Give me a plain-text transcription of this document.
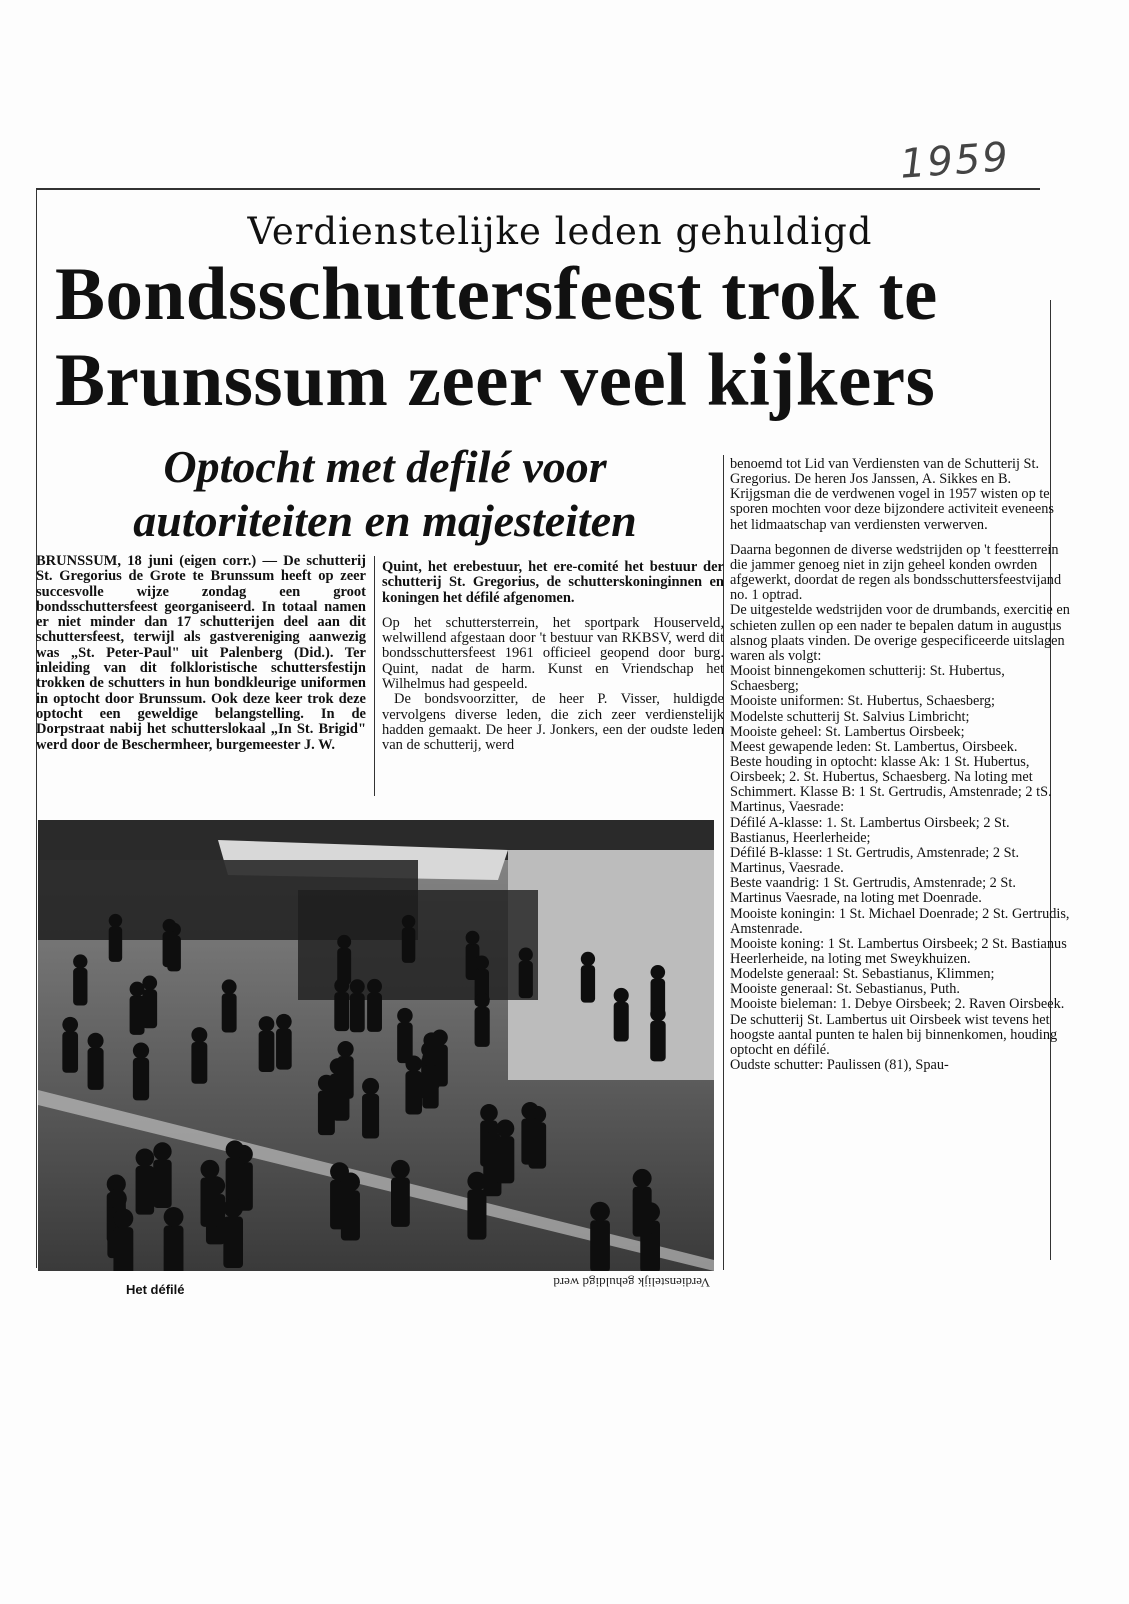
1959
Verdienstelijke leden gehuldigd
Bondsschuttersfeest trok te
Brunssum zeer veel kijkers
Optocht met defilé voor
autoriteiten en majesteiten

BRUNSSUM, 18 juni (eigen corr.) — De schutterij St. Gregorius de Grote te Brunssum heeft op zeer succesvolle wijze zondag een groot bondsschuttersfeest georganiseerd. In totaal namen er niet minder dan 17 schutterijen deel aan dit schuttersfeest, terwijl als gastvereniging aanwezig was „St. Peter-Paul" uit Palenberg (Did.). Ter inleiding van dit folkloristische schuttersfestijn trokken de schutters in hun bondkleurige uniformen in optocht door Brunssum. Ook deze keer trok deze optocht een geweldige belangstelling. In de Dorpstraat nabij het schutterslokaal „In St. Brigid" werd door de Beschermheer, burgemeester J. W.

Quint, het erebestuur, het ere-comité het bestuur der schutterij St. Gregorius, de schutterskoninginnen en koningen het défilé afgenomen.

Op het schuttersterrein, het sportpark Houserveld, welwillend afgestaan door 't bestuur van RKBSV, werd dit bondsschuttersfeest 1961 officieel geopend door burg. Quint, nadat de harm. Kunst en Vriendschap het Wilhelmus had gespeeld.

De bondsvoorzitter, de heer P. Visser, huldigde vervolgens diverse leden, die zich zeer verdienstelijk hadden gemaakt. De heer J. Jonkers, een der oudste leden van de schutterij, werd

benoemd tot Lid van Verdiensten van de Schutterij St. Gregorius. De heren Jos Janssen, A. Sikkes en B. Krijgsman die de verdwenen vogel in 1957 wisten op te sporen mochten voor deze bijzondere activiteit eveneens het lidmaatschap van verdiensten verwerven.

Daarna begonnen de diverse wedstrijden op 't feestterrein die jammer genoeg niet in zijn geheel konden owrden afgewerkt, doordat de regen als bondsschuttersfeestvijand no. 1 optrad.

De uitgestelde wedstrijden voor de drumbands, exercitie en schieten zullen op een nader te bepalen datum in augustus alsnog plaats vinden. De overige gespecificeerde uitslagen waren als volgt:

Mooist binnengekomen schutterij: St. Hubertus, Schaesberg;

Mooiste uniformen: St. Hubertus, Schaesberg;

Modelste schutterij St. Salvius Limbricht;

Mooiste geheel: St. Lambertus Oirsbeek;

Meest gewapende leden: St. Lambertus, Oirsbeek.

Beste houding in optocht: klasse Ak: 1 St. Hubertus, Oirsbeek; 2. St. Hubertus, Schaesberg. Na loting met Schimmert. Klasse B: 1 St. Gertrudis, Amstenrade; 2 tS. Martinus, Vaesrade:

Défilé A-klasse: 1. St. Lambertus Oirsbeek; 2 St. Bastianus, Heerlerheide;

Défilé B-klasse: 1 St. Gertrudis, Amstenrade; 2 St. Martinus, Vaesrade.

Beste vaandrig: 1 St. Gertrudis, Amstenrade; 2 St. Martinus Vaesrade, na loting met Doenrade.

Mooiste koningin: 1 St. Michael Doenrade; 2 St. Gertrudis, Amstenrade.

Mooiste koning: 1 St. Lambertus Oirsbeek; 2 St. Bastianus Heerlerheide, na loting met Sweykhuizen.

Modelste generaal: St. Sebastianus, Klimmen;

Mooiste generaal: St. Sebastianus, Puth.

Mooiste bieleman: 1. Debye Oirsbeek; 2. Raven Oirsbeek.

De schutterij St. Lambertus uit Oirsbeek wist tevens het hoogste aantal punten te halen bij binnenkomen, houding optocht en défilé.

Oudste schutter: Paulissen (81), Spau-

Het défilé	Verdienstelijk gehuldigd werd
